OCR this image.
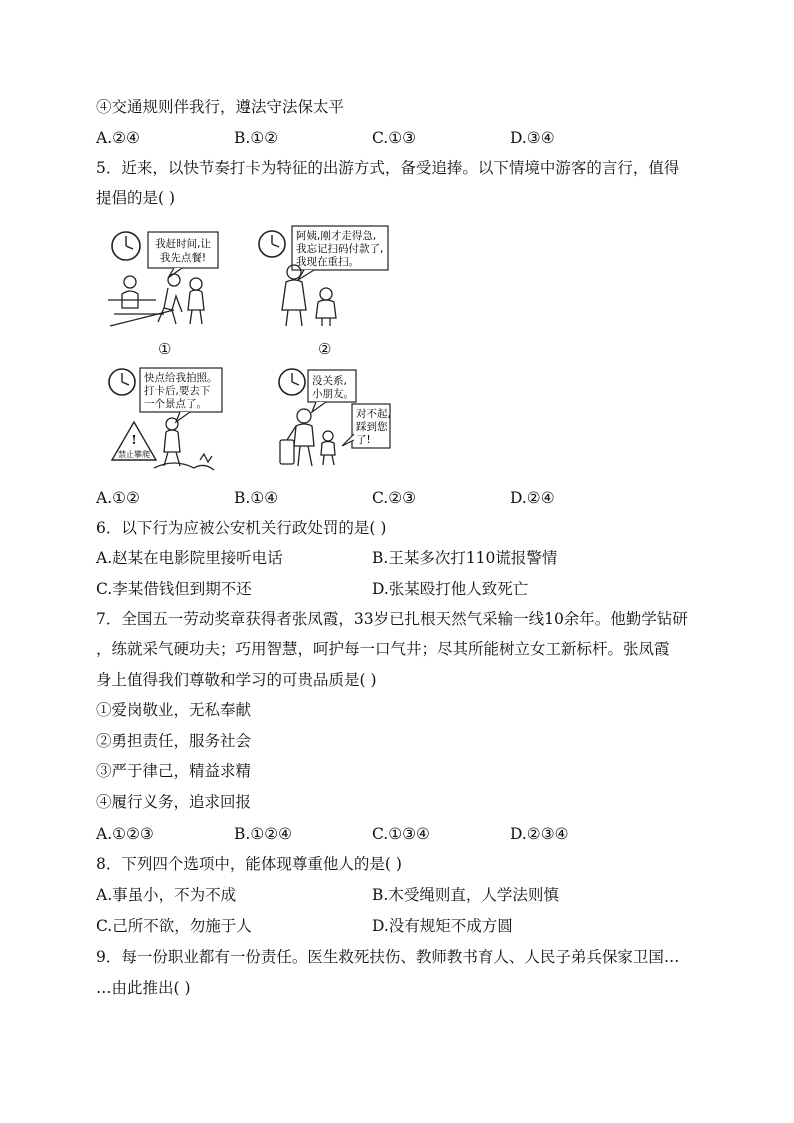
④交通规则伴我行，遵法守法保太平
A.②④	B.①②	C.①③	D.③④
5．近来，以快节奏打卡为特征的出游方式，备受追捧。以下情境中游客的言行，值得
提倡的是( )
我赶时间,让
我先点餐!
①
阿姨,刚才走得急,
我忘记扫码付款了,
我现在重扫。
②
快点给我拍照。
打卡后,要去下
一个景点了。
!
禁止攀爬
没关系,
小朋友。
对不起,
踩到您
了!
A.①②	B.①④	C.②③	D.②④
6．以下行为应被公安机关行政处罚的是( )
A.赵某在电影院里接听电话	B.王某多次打110谎报警情
C.李某借钱但到期不还	D.张某殴打他人致死亡
7．全国五一劳动奖章获得者张凤霞，33岁已扎根天然气采输一线10余年。他勤学钻研
，练就采气硬功夫；巧用智慧，呵护每一口气井；尽其所能树立女工新标杆。张凤霞
身上值得我们尊敬和学习的可贵品质是( )
①爱岗敬业，无私奉献
②勇担责任，服务社会
③严于律己，精益求精
④履行义务，追求回报
A.①②③	B.①②④	C.①③④	D.②③④
8．下列四个选项中，能体现尊重他人的是( )
A.事虽小，不为不成	B.木受绳则直，人学法则慎
C.己所不欲，勿施于人	D.没有规矩不成方圆
9．每一份职业都有一份责任。医生救死扶伤、教师教书育人、人民子弟兵保家卫国…
…由此推出( )
